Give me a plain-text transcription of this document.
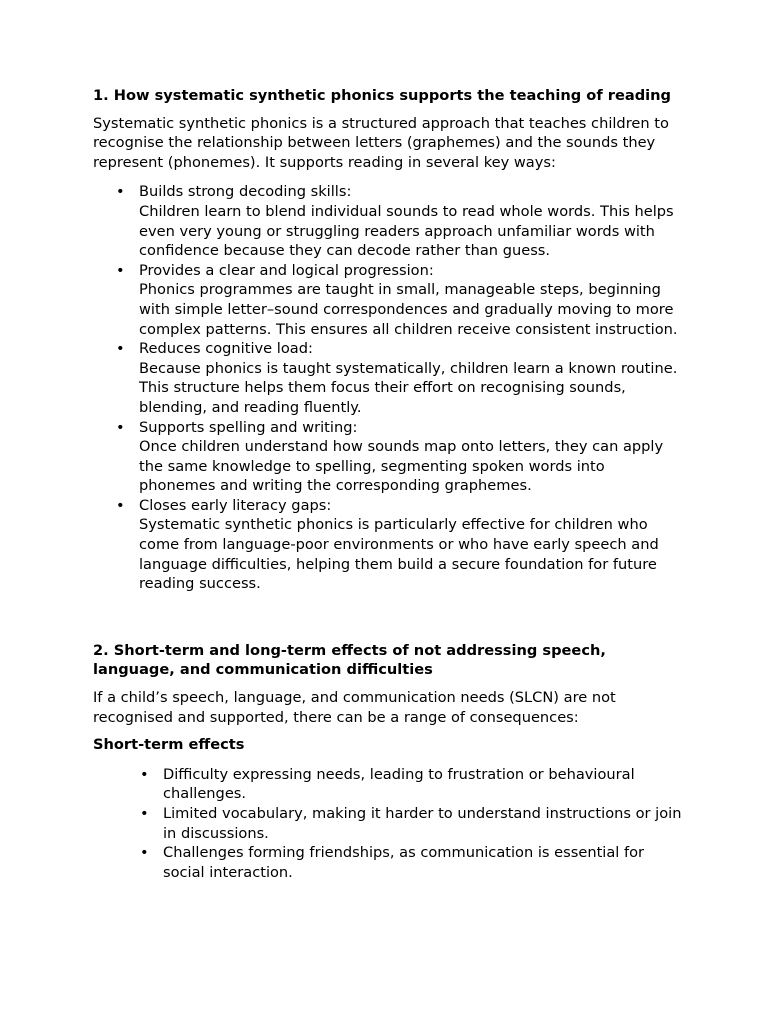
1. How systematic synthetic phonics supports the teaching of reading

Systematic synthetic phonics is a structured approach that teaches children to recognise the relationship between letters (graphemes) and the sounds they represent (phonemes). It supports reading in several key ways:

• Builds strong decoding skills:
Children learn to blend individual sounds to read whole words. This helps even very young or struggling readers approach unfamiliar words with confidence because they can decode rather than guess.
• Provides a clear and logical progression:
Phonics programmes are taught in small, manageable steps, beginning with simple letter–sound correspondences and gradually moving to more complex patterns. This ensures all children receive consistent instruction.
• Reduces cognitive load:
Because phonics is taught systematically, children learn a known routine. This structure helps them focus their effort on recognising sounds, blending, and reading fluently.
• Supports spelling and writing:
Once children understand how sounds map onto letters, they can apply the same knowledge to spelling, segmenting spoken words into phonemes and writing the corresponding graphemes.
• Closes early literacy gaps:
Systematic synthetic phonics is particularly effective for children who come from language-poor environments or who have early speech and language difficulties, helping them build a secure foundation for future reading success.
2. Short-term and long-term effects of not addressing speech, language, and communication difficulties

If a child’s speech, language, and communication needs (SLCN) are not recognised and supported, there can be a range of consequences:

Short-term effects

• Difficulty expressing needs, leading to frustration or behavioural challenges.
• Limited vocabulary, making it harder to understand instructions or join in discussions.
• Challenges forming friendships, as communication is essential for social interaction.
